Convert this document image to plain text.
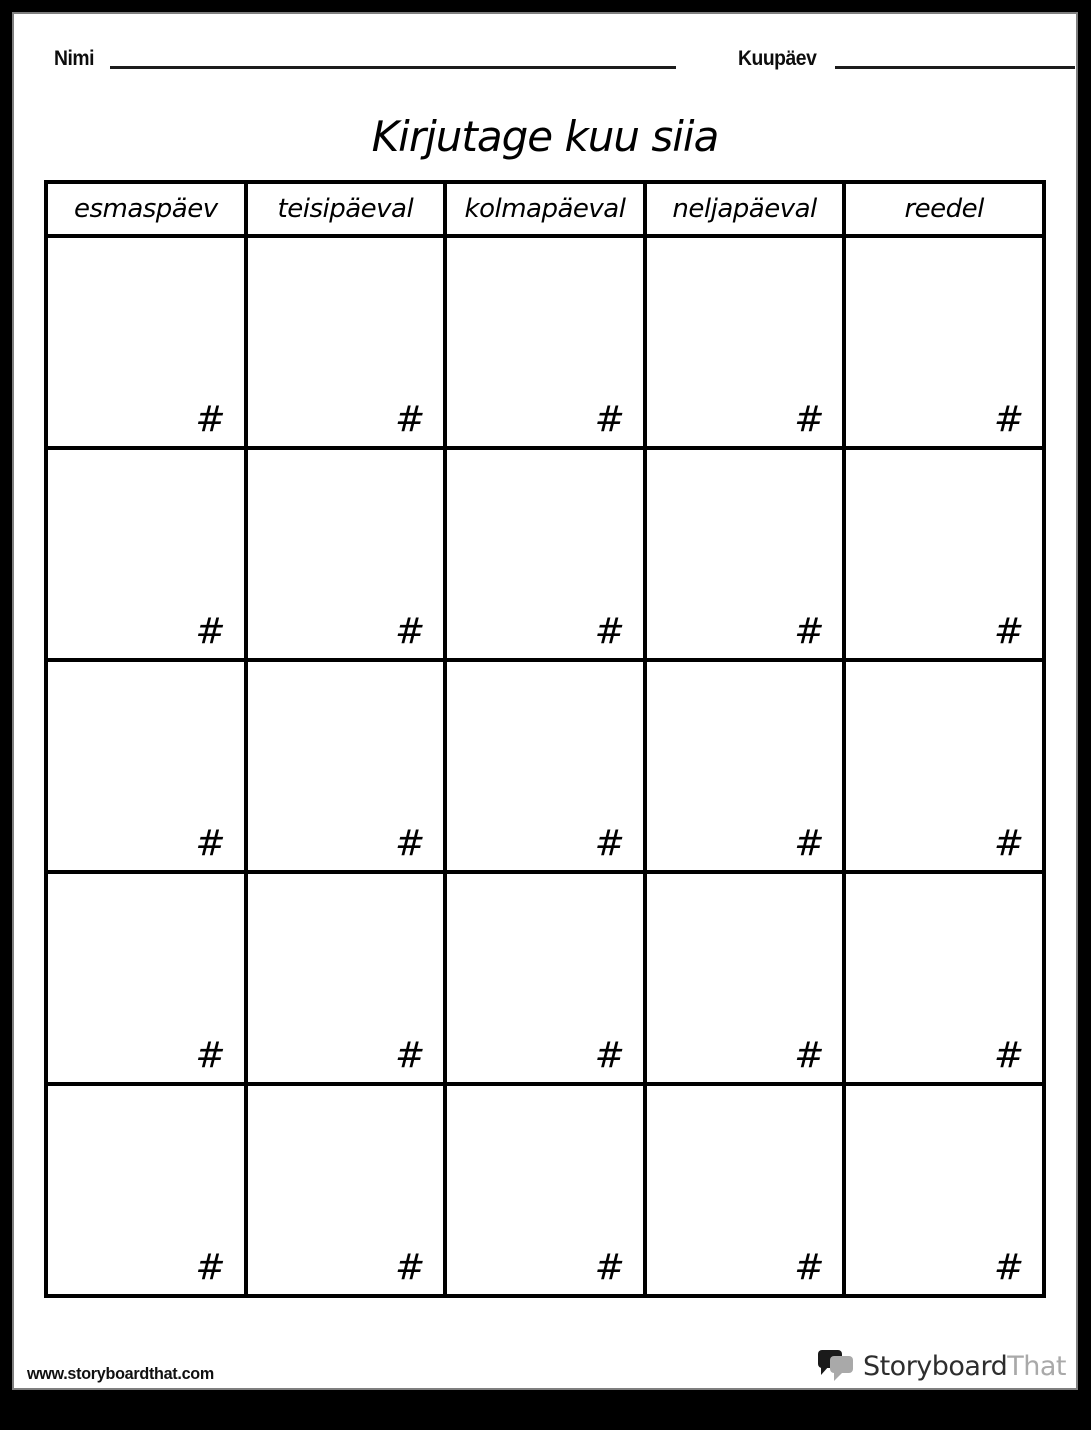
Nimi	Kuupäev
Kirjutage kuu siia
esmaspäev	teisipäeval	kolmapäeval	neljapäeval	reedel
#	#	#	#	#
#	#	#	#	#
#	#	#	#	#
#	#	#	#	#
#	#	#	#	#
www.storyboardthat.com	StoryboardThat
